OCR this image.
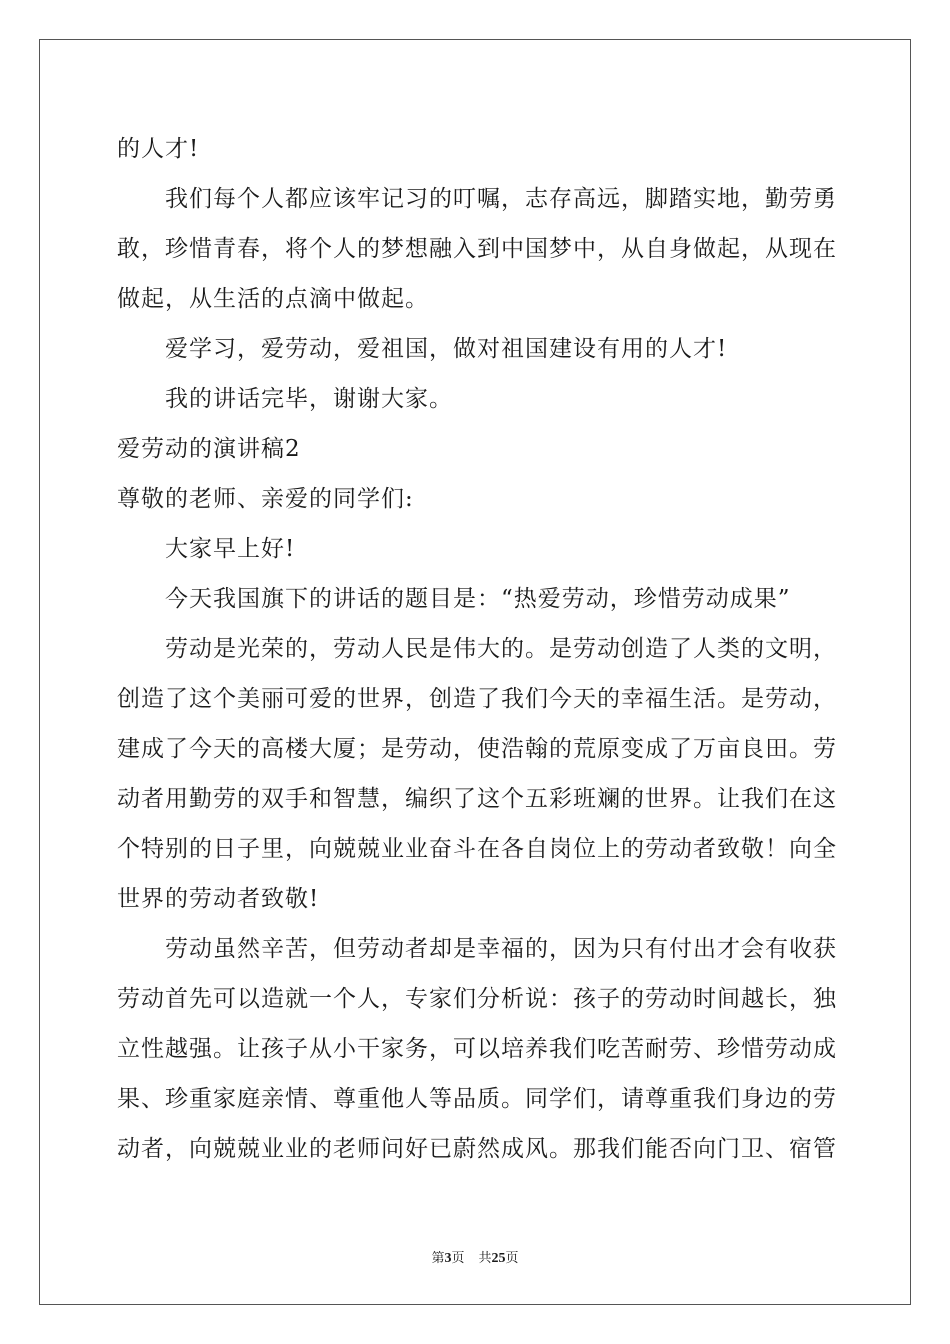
的人才!
我们每个人都应该牢记习的叮嘱，志存高远，脚踏实地，勤劳勇
敢，珍惜青春，将个人的梦想融入到中国梦中，从自身做起，从现在
做起，从生活的点滴中做起。
爱学习，爱劳动，爱祖国，做对祖国建设有用的人才!
我的讲话完毕，谢谢大家。
爱劳动的演讲稿2
尊敬的老师、亲爱的同学们:
大家早上好!
今天我国旗下的讲话的题目是：“热爱劳动，珍惜劳动成果”
劳动是光荣的，劳动人民是伟大的。是劳动创造了人类的文明，
创造了这个美丽可爱的世界，创造了我们今天的幸福生活。是劳动，
建成了今天的高楼大厦；是劳动，使浩翰的荒原变成了万亩良田。劳
动者用勤劳的双手和智慧，编织了这个五彩班斓的世界。让我们在这
个特别的日子里，向兢兢业业奋斗在各自岗位上的劳动者致敬！向全
世界的劳动者致敬!
劳动虽然辛苦，但劳动者却是幸福的，因为只有付出才会有收获
劳动首先可以造就一个人，专家们分析说：孩子的劳动时间越长，独
立性越强。让孩子从小干家务，可以培养我们吃苦耐劳、珍惜劳动成
果、珍重家庭亲情、尊重他人等品质。同学们，请尊重我们身边的劳
动者，向兢兢业业的老师问好已蔚然成风。那我们能否向门卫、宿管
第3页 共25页
